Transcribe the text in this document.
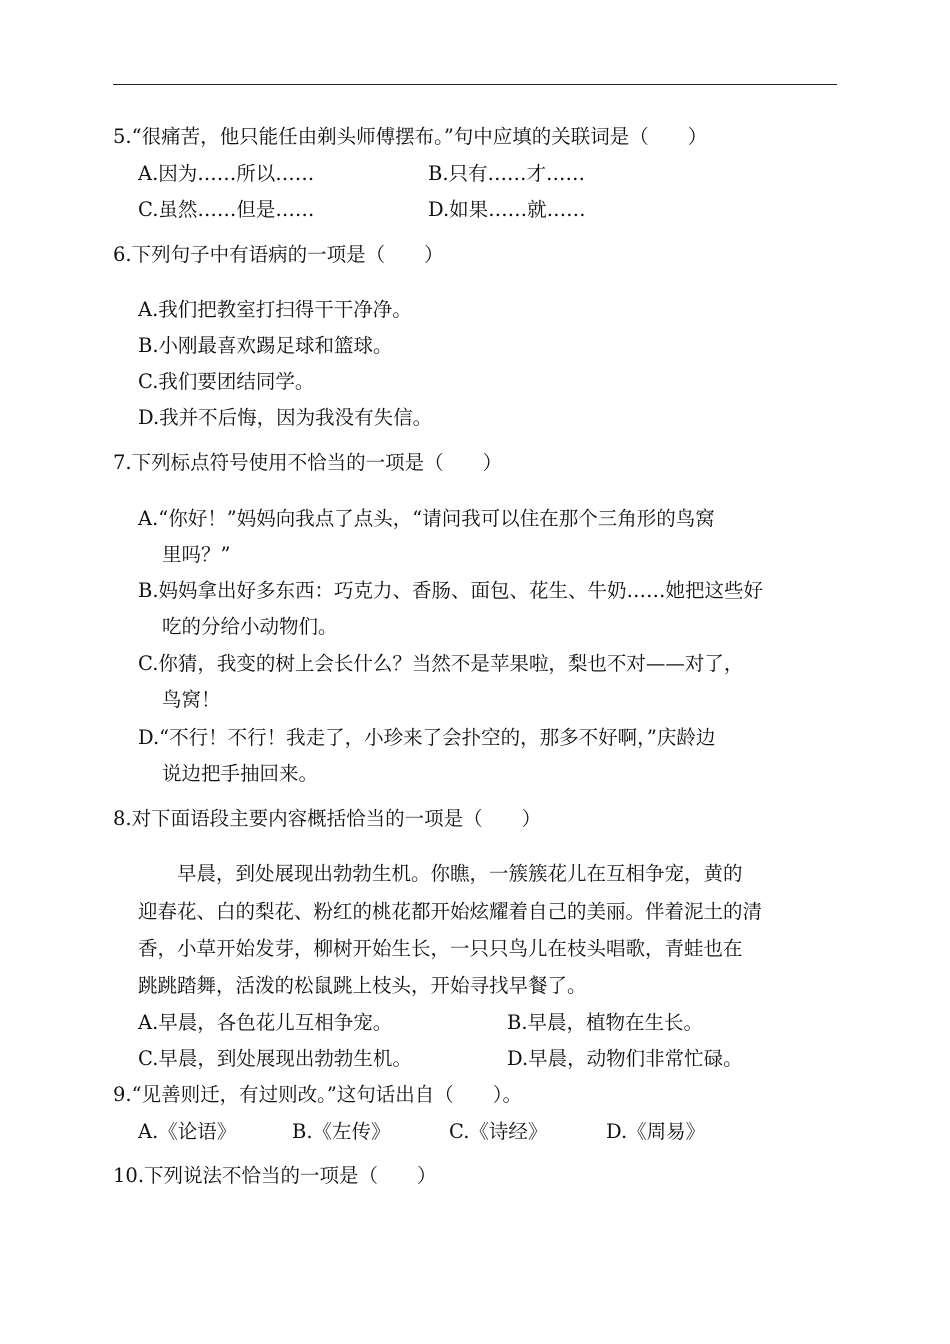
5.“很痛苦，他只能任由剃头师傅摆布。”句中应填的关联词是（　　）
A.因为……所以……	B.只有……才……
C.虽然……但是……	D.如果……就……
6.下列句子中有语病的一项是（　　）
A.我们把教室打扫得干干净净。
B.小刚最喜欢踢足球和篮球。
C.我们要团结同学。
D.我并不后悔，因为我没有失信。
7.下列标点符号使用不恰当的一项是（　　）
A.“你好！”妈妈向我点了点头，“请问我可以住在那个三角形的鸟窝
里吗？”
B.妈妈拿出好多东西：巧克力、香肠、面包、花生、牛奶……她把这些好
吃的分给小动物们。
C.你猜，我变的树上会长什么？当然不是苹果啦，梨也不对——对了，
鸟窝！
D.“不行！不行！我走了，小珍来了会扑空的，那多不好啊，”庆龄边
说边把手抽回来。
8.对下面语段主要内容概括恰当的一项是（　　）
　　早晨，到处展现出勃勃生机。你瞧，一簇簇花儿在互相争宠，黄的
迎春花、白的梨花、粉红的桃花都开始炫耀着自己的美丽。伴着泥土的清
香，小草开始发芽，柳树开始生长，一只只鸟儿在枝头唱歌，青蛙也在
跳跳踏舞，活泼的松鼠跳上枝头，开始寻找早餐了。
A.早晨，各色花儿互相争宠。	B.早晨，植物在生长。
C.早晨，到处展现出勃勃生机。	D.早晨，动物们非常忙碌。
9.“见善则迁，有过则改。”这句话出自（　　）。
A.《论语》	B.《左传》	C.《诗经》	D.《周易》
10.下列说法不恰当的一项是（　　）
